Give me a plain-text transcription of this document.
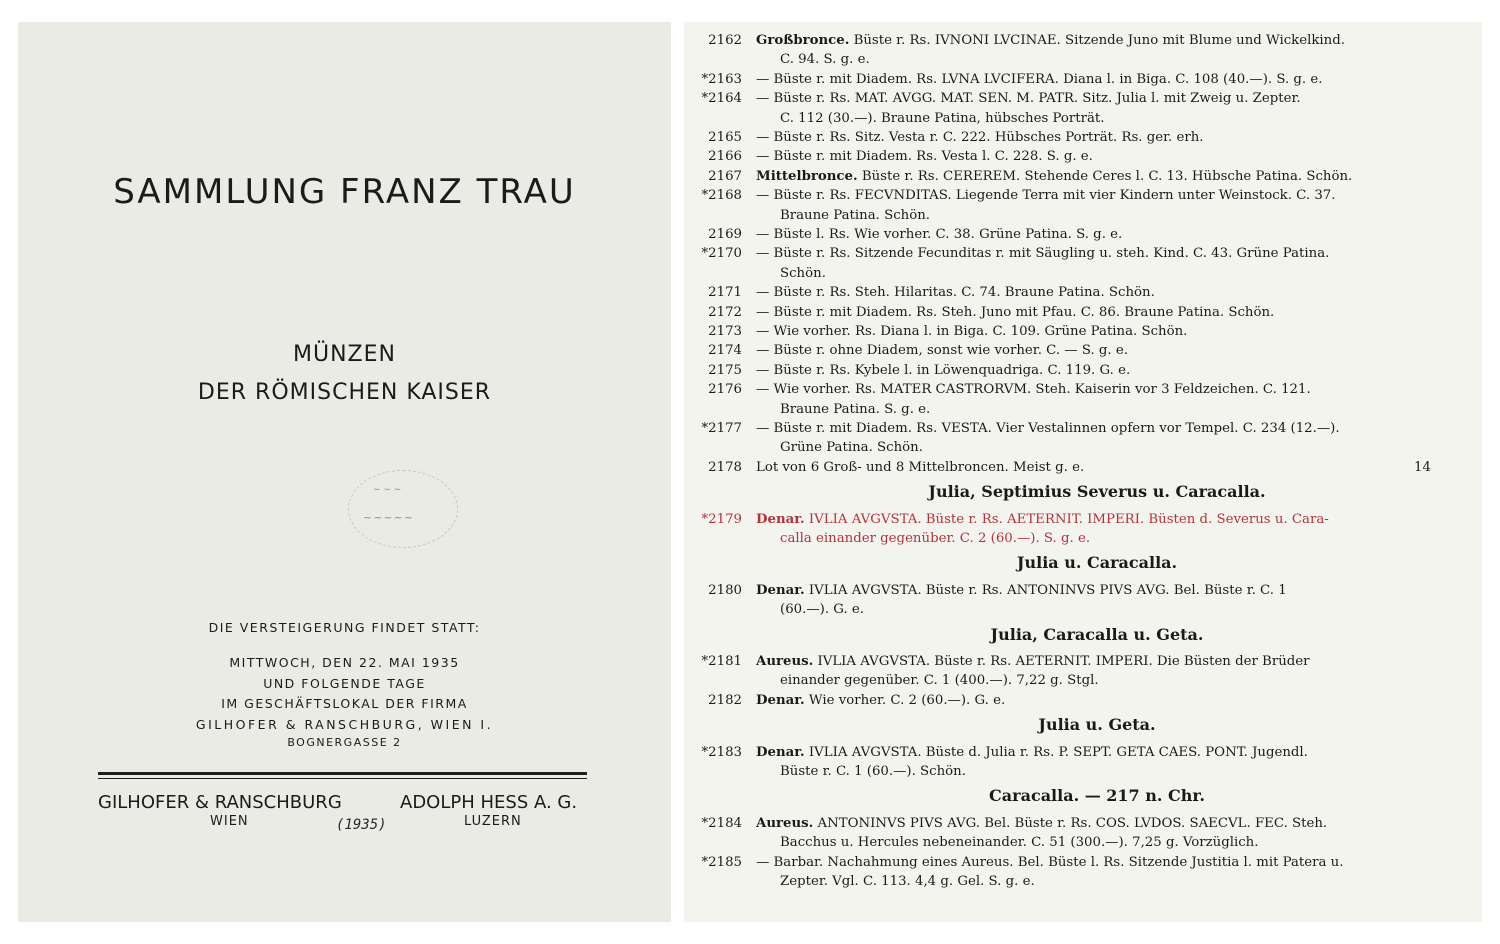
SAMMLUNG FRANZ TRAU
MÜNZEN
DER RÖMISCHEN KAISER
~ ~ ~
~~~~~
DIE VERSTEIGERUNG FINDET STATT:
MITTWOCH, DEN 22. MAI 1935
UND FOLGENDE TAGE
IM GESCHÄFTSLOKAL DER FIRMA
GILHOFER & RANSCHBURG, WIEN I.
BOGNERGASSE 2
GILHOFER & RANSCHBURG	ADOLPH HESS A. G.
WIEN	(1935)	LUZERN
2162 Großbronce. Büste r. Rs. IVNONI LVCINAE. Sitzende Juno mit Blume und Wickelkind.
C. 94. S. g. e.
*2163 — Büste r. mit Diadem. Rs. LVNA LVCIFERA. Diana l. in Biga. C. 108 (40.—). S. g. e.
*2164 — Büste r. Rs. MAT. AVGG. MAT. SEN. M. PATR. Sitz. Julia l. mit Zweig u. Zepter.
C. 112 (30.—). Braune Patina, hübsches Porträt.
2165 — Büste r. Rs. Sitz. Vesta r. C. 222. Hübsches Porträt. Rs. ger. erh.
2166 — Büste r. mit Diadem. Rs. Vesta l. C. 228. S. g. e.
2167 Mittelbronce. Büste r. Rs. CEREREM. Stehende Ceres l. C. 13. Hübsche Patina. Schön.
*2168 — Büste r. Rs. FECVNDITAS. Liegende Terra mit vier Kindern unter Weinstock. C. 37.
Braune Patina. Schön.
2169 — Büste l. Rs. Wie vorher. C. 38. Grüne Patina. S. g. e.
*2170 — Büste r. Rs. Sitzende Fecunditas r. mit Säugling u. steh. Kind. C. 43. Grüne Patina.
Schön.
2171 — Büste r. Rs. Steh. Hilaritas. C. 74. Braune Patina. Schön.
2172 — Büste r. mit Diadem. Rs. Steh. Juno mit Pfau. C. 86. Braune Patina. Schön.
2173 — Wie vorher. Rs. Diana l. in Biga. C. 109. Grüne Patina. Schön.
2174 — Büste r. ohne Diadem, sonst wie vorher. C. — S. g. e.
2175 — Büste r. Rs. Kybele l. in Löwenquadriga. C. 119. G. e.
2176 — Wie vorher. Rs. MATER CASTRORVM. Steh. Kaiserin vor 3 Feldzeichen. C. 121.
Braune Patina. S. g. e.
*2177 — Büste r. mit Diadem. Rs. VESTA. Vier Vestalinnen opfern vor Tempel. C. 234 (12.—).
Grüne Patina. Schön.
2178 Lot von 6 Groß- und 8 Mittelbroncen. Meist g. e.	14
Julia, Septimius Severus u. Caracalla.
*2179 Denar. IVLIA AVGVSTA. Büste r. Rs. AETERNIT. IMPERI. Büsten d. Severus u. Cara-
calla einander gegenüber. C. 2 (60.—). S. g. e.
Julia u. Caracalla.
2180 Denar. IVLIA AVGVSTA. Büste r. Rs. ANTONINVS PIVS AVG. Bel. Büste r. C. 1
(60.—). G. e.
Julia, Caracalla u. Geta.
*2181 Aureus. IVLIA AVGVSTA. Büste r. Rs. AETERNIT. IMPERI. Die Büsten der Brüder
einander gegenüber. C. 1 (400.—). 7,22 g. Stgl.
2182 Denar. Wie vorher. C. 2 (60.—). G. e.
Julia u. Geta.
*2183 Denar. IVLIA AVGVSTA. Büste d. Julia r. Rs. P. SEPT. GETA CAES. PONT. Jugendl.
Büste r. C. 1 (60.—). Schön.
Caracalla. — 217 n. Chr.
*2184 Aureus. ANTONINVS PIVS AVG. Bel. Büste r. Rs. COS. LVDOS. SAECVL. FEC. Steh.
Bacchus u. Hercules nebeneinander. C. 51 (300.—). 7,25 g. Vorzüglich.
*2185 — Barbar. Nachahmung eines Aureus. Bel. Büste l. Rs. Sitzende Justitia l. mit Patera u.
Zepter. Vgl. C. 113. 4,4 g. Gel. S. g. e.
